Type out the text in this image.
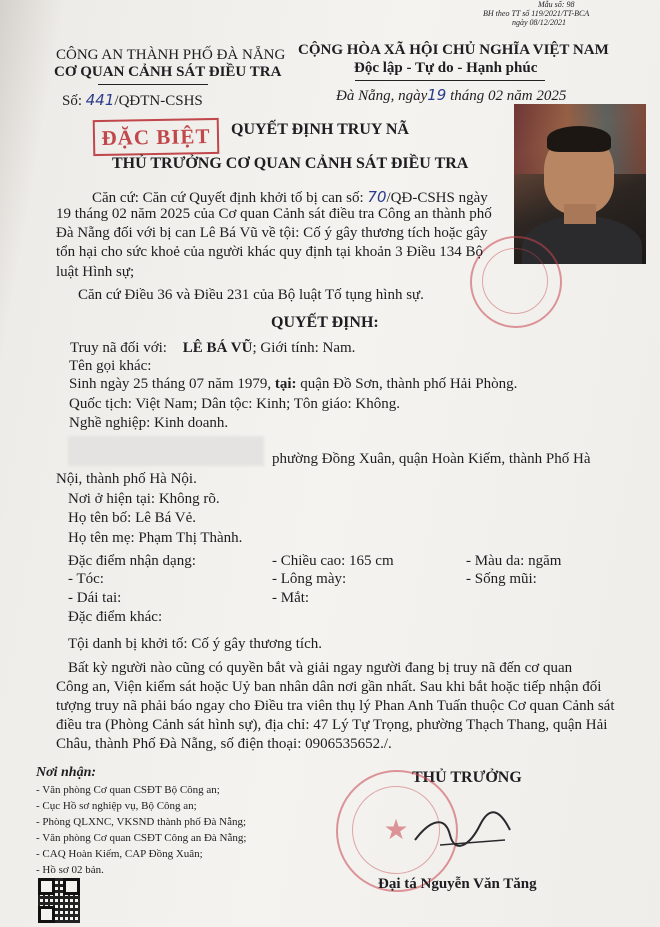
Mẫu số: 98
BH theo TT số 119/2021/TT-BCA
ngày 08/12/2021
CÔNG AN THÀNH PHỐ ĐÀ NẴNG
CƠ QUAN CẢNH SÁT ĐIỀU TRA
Số: 441/QĐTN-CSHS
CỘNG HÒA XÃ HỘI CHỦ NGHĨA VIỆT NAM
Độc lập - Tự do - Hạnh phúc
Đà Nẵng, ngày19 tháng 02 năm 2025
ĐẶC BIỆT	QUYẾT ĐỊNH TRUY NÃ
THỦ TRƯỞNG CƠ QUAN CẢNH SÁT ĐIỀU TRA
Căn cứ: Căn cứ Quyết định khởi tố bị can số: 70/QĐ-CSHS ngày
19 tháng 02 năm 2025 của Cơ quan Cảnh sát điều tra Công an thành phố
Đà Nẵng đối với bị can Lê Bá Vũ về tội: Cố ý gây thương tích hoặc gây
tổn hại cho sức khoẻ của người khác quy định tại khoản 3 Điều 134 Bộ
luật Hình sự;
Căn cứ Điều 36 và Điều 231 của Bộ luật Tố tụng hình sự.
QUYẾT ĐỊNH:
Truy nã đối với: LÊ BÁ VŨ; Giới tính: Nam.
Tên gọi khác:
Sinh ngày 25 tháng 07 năm 1979, tại: quận Đồ Sơn, thành phố Hải Phòng.
Quốc tịch: Việt Nam; Dân tộc: Kinh; Tôn giáo: Không.
Nghề nghiệp: Kinh doanh.
phường Đồng Xuân, quận Hoàn Kiếm, thành Phố Hà
Nội, thành phố Hà Nội.
Nơi ở hiện tại: Không rõ.
Họ tên bố: Lê Bá Vẻ.
Họ tên mẹ: Phạm Thị Thành.
Đặc điểm nhận dạng:	- Chiều cao: 165 cm	- Màu da: ngăm
- Tóc:	- Lông mày:	- Sống mũi:
- Dái tai:	- Mắt:
Đặc điểm khác:
Tội danh bị khởi tố: Cố ý gây thương tích.
Bất kỳ người nào cũng có quyền bắt và giải ngay người đang bị truy nã đến cơ quan
Công an, Viện kiểm sát hoặc Uỷ ban nhân dân nơi gần nhất. Sau khi bắt hoặc tiếp nhận đối
tượng truy nã phải báo ngay cho Điều tra viên thụ lý Phan Anh Tuấn thuộc Cơ quan Cảnh sát
điều tra (Phòng Cảnh sát hình sự), địa chỉ: 47 Lý Tự Trọng, phường Thạch Thang, quận Hải
Châu, thành Phố Đà Nẵng, số điện thoại: 0906535652./.
Nơi nhận:
- Văn phòng Cơ quan CSĐT Bộ Công an;
- Cục Hồ sơ nghiệp vụ, Bộ Công an;
- Phòng QLXNC, VKSND thành phố Đà Nẵng;
- Văn phòng Cơ quan CSĐT Công an Đà Nẵng;
- CAQ Hoàn Kiếm, CAP Đồng Xuân;
- Hồ sơ 02 bản.
THỦ TRƯỞNG
★
Đại tá Nguyễn Văn Tăng
